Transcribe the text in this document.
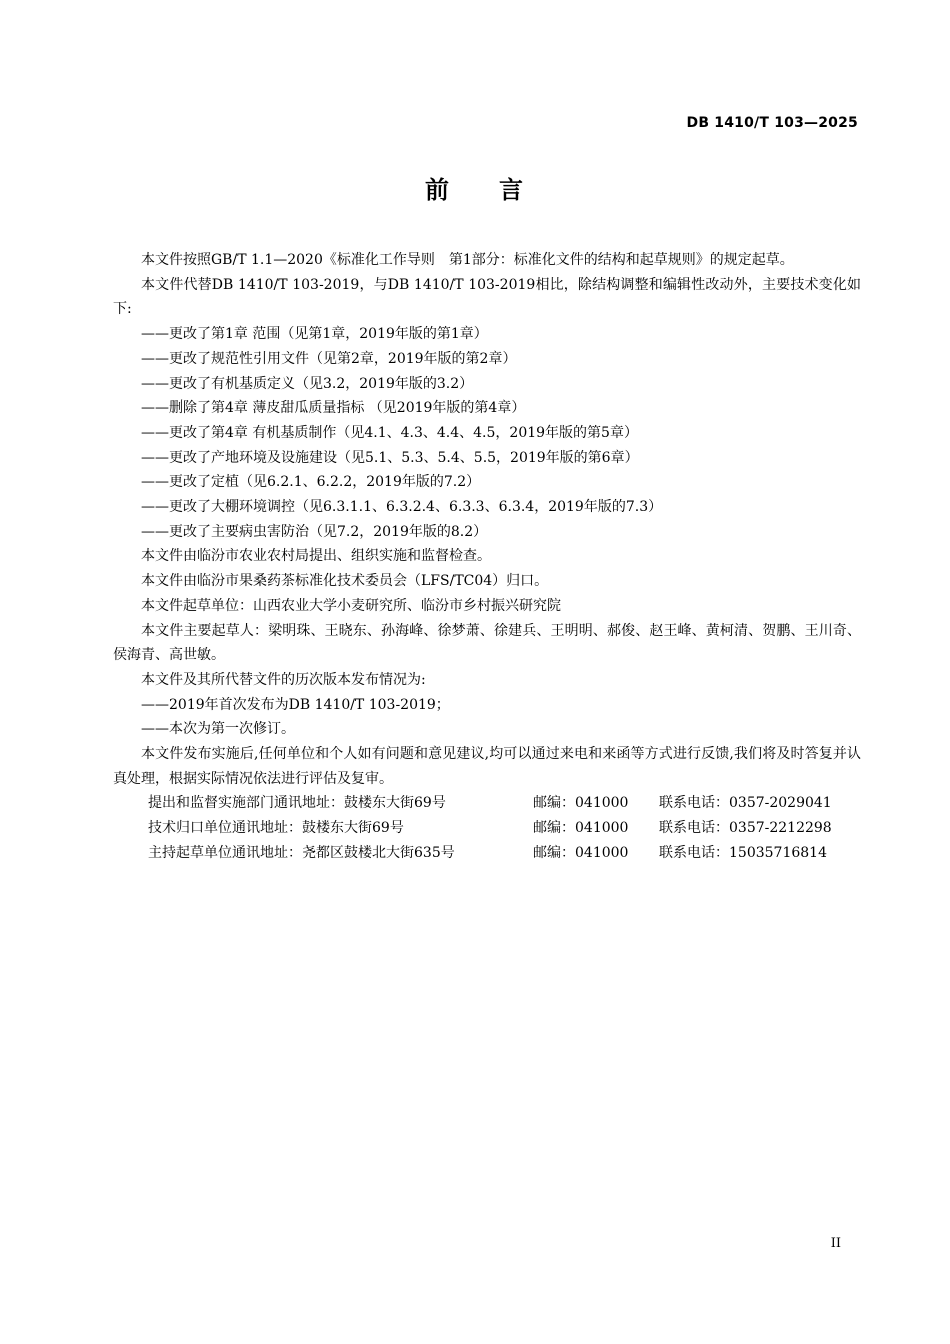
DB 1410/T 103—2025
前 言

本文件按照GB/T 1.1—2020《标准化工作导则　第1部分：标准化文件的结构和起草规则》的规定起草。

本文件代替DB 1410/T 103-2019，与DB 1410/T 103-2019相比，除结构调整和编辑性改动外，主要技术变化如下:

——更改了第1章 范围（见第1章，2019年版的第1章）

——更改了规范性引用文件（见第2章，2019年版的第2章）

——更改了有机基质定义（见3.2，2019年版的3.2）

——删除了第4章 薄皮甜瓜质量指标 （见2019年版的第4章）

——更改了第4章 有机基质制作（见4.1、4.3、4.4、4.5，2019年版的第5章）

——更改了产地环境及设施建设（见5.1、5.3、5.4、5.5，2019年版的第6章）

——更改了定植（见6.2.1、6.2.2，2019年版的7.2）

——更改了大棚环境调控（见6.3.1.1、6.3.2.4、6.3.3、6.3.4，2019年版的7.3）

——更改了主要病虫害防治（见7.2，2019年版的8.2）

本文件由临汾市农业农村局提出、组织实施和监督检查。

本文件由临汾市果桑药茶标准化技术委员会（LFS/TC04）归口。

本文件起草单位：山西农业大学小麦研究所、临汾市乡村振兴研究院

本文件主要起草人：梁明珠、王晓东、孙海峰、徐梦萧、徐建兵、王明明、郝俊、赵王峰、黄柯清、贺鹏、王川奇、侯海青、高世敏。

本文件及其所代替文件的历次版本发布情况为:

——2019年首次发布为DB 1410/T 103-2019；

——本次为第一次修订。

本文件发布实施后,任何单位和个人如有问题和意见建议,均可以通过来电和来函等方式进行反馈,我们将及时答复并认真处理，根据实际情况依法进行评估及复审。

提出和监督实施部门通讯地址：鼓楼东大街69号	邮编：041000	联系电话：0357-2029041
技术归口单位通讯地址：鼓楼东大街69号	邮编：041000	联系电话：0357-2212298
主持起草单位通讯地址：尧都区鼓楼北大街635号	邮编：041000	联系电话：15035716814
II
